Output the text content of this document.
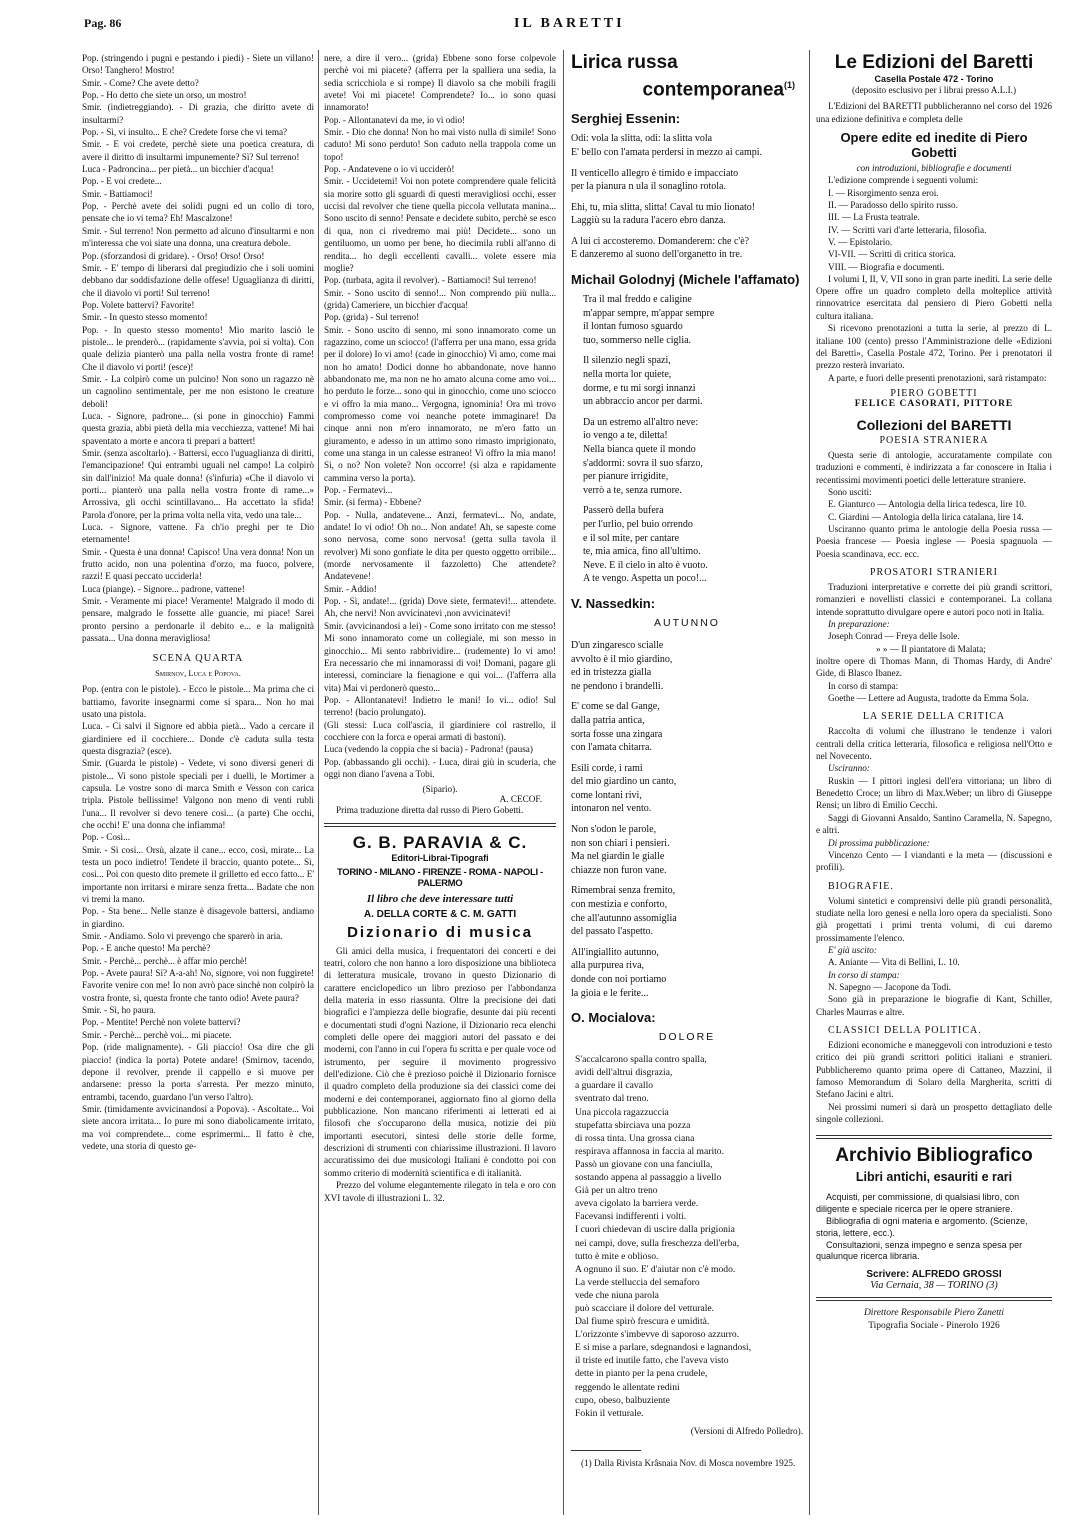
Pag. 86	IL BARETTI

Pop. (stringendo i pugni e pestando i piedi) - Siete un villano! Orso! Tanghero! Mostro!

Smir. - Come? Che avete detto?

Pop. - Ho detto che siete un orso, un mostro!

Smir. (indietreggiando). - Di grazia, che diritto avete di insultarmi?

Pop. - Sì, vi insulto... E che? Credete forse che vi tema?

Smir. - E voi credete, perchè siete una poetica creatura, di avere il diritto di insultarmi impunemente? Sì? Sul terreno!

Luca - Padroncina... per pietà... un bicchier d'acqua!

Pop. - E voi credete...

Smir. - Battiamoci!

Pop. - Perchè avete dei solidi pugni ed un collo di toro, pensate che io vi tema? Eh! Mascalzone!

Smir. - Sul terreno! Non permetto ad alcuno d'insultarmi e non m'interessa che voi siate una donna, una creatura debole.

Pop. (sforzandosi di gridare). - Orso! Orso! Orso!

Smir. - E' tempo di liberarsi dal pregiudizio che i soli uomini debbano dar soddisfazione delle offese! Uguaglianza di diritti, che il diavolo vi porti! Sul terreno!

Pop. Volete battervi? Favorite!

Smir. - In questo stesso momento!

Pop. - In questo stesso momento! Mio marito lasciò le pistole... le prenderò... (rapidamente s'avvia, poi si volta). Con quale delizia pianterò una palla nella vostra fronte di rame! Che il diavolo vi porti! (esce)!

Smir. - La colpirò come un pulcino! Non sono un ragazzo nè un cagnolino sentimentale, per me non esistono le creature deboli!

Luca. - Signore, padrone... (si pone in ginocchio) Fammi questa grazia, abbi pietà della mia vecchiezza, vattene! Mi hai spaventato a morte e ancora ti prepari a battert!

Smir. (senza ascoltarlo). - Battersi, ecco l'uguaglianza di diritti, l'emancipazione! Qui entrambi uguali nel campo! La colpirò sin dall'inizio! Ma quale donna! (s'infuria) «Che il diavolo vi porti... pianterò una palla nella vostra fronte di rame...» Arrossiva, gli occhi scintillavano... Ha accettato la sfida! Parola d'onore, per la prima volta nella vita, vedo una tale...

Luca. - Signore, vattene. Fa ch'io preghi per te Dio eternamente!

Smir. - Questa è una donna! Capisco! Una vera donna! Non un frutto acido, non una polentina d'orzo, ma fuoco, polvere, razzi! E quasi peccato ucciderla!

Luca (piange). - Signore... padrone, vattene!

Smir. - Veramente mi piace! Veramente! Malgrado il modo di pensare, malgrado le fossette alle guancie, mi piace! Sarei pronto persino a perdonarle il debito e... e la malignità passata... Una donna meravigliosa!

SCENA QUARTA
Smirnov, Luca e Popova.

Pop. (entra con le pistole). - Ecco le pistole... Ma prima che ci battiamo, favorite insegnarmi come si spara... Non ho mai usato una pistola.

Luca. - Ci salvi il Signore ed abbia pietà... Vado a cercare il giardiniere ed il cocchiere... Donde c'è caduta sulla testa questa disgrazia? (esce).

Smir. (Guarda le pistole) - Vedete, vi sono diversi generi di pistole... Vi sono pistole speciali per i duelli, le Mortimer a capsula. Le vostre sono di marca Smith e Vesson con carica tripla. Pistole bellissime! Valgono non meno di venti rubli l'una... Il revolver si devo tenere così... (a parte) Che occhi, che occhi! E' una donna che infiamma!

Pop. - Così...

Smir. - Sì così... Orsù, alzate il cane... ecco, così, mirate... La testa un poco indietro! Tendete il braccio, quanto potete... Sì, così... Poi con questo dito premete il grilletto ed ecco fatto... E' importante non irritarsi e mirare senza fretta... Badate che non vi tremi la mano.

Pop. - Sta bene... Nelle stanze è disagevole battersi, andiamo in giardino.

Smir. - Andiamo. Solo vi prevengo che sparerò in aria.

Pop. - E anche questo! Ma perchè?

Smir. - Perchè... perchè... è affar mio perchè!

Pop. - Avete paura! Sì? A-a-ah! No, signore, voi non fuggirete! Favorite venire con me! Io non avrò pace sinchè non colpirò la vostra fronte, sì, questa fronte che tanto odio! Avete paura?

Smir. - Sì, ho paura.

Pop. - Mentite! Perchè non volete battervi?

Smir. - Perchè... perchè voi... mi piacete.

Pop. (ride malignamente). - Gli piaccio! Osa dire che gli piaccio! (indica la porta) Potete andare! (Smirnov, tacendo, depone il revolver, prende il cappello e si muove per andarsene: presso la porta s'arresta. Per mezzo minuto, entrambi, tacendo, guardano l'un verso l'altro).

Smir. (timidamente avvicinandosi a Popova). - Ascoltate... Voi siete ancora irritata... Io pure mi sono diabolicamente irritato, ma voi comprendete... come esprimermi... Il fatto è che, vedete, una storia di questo ge-

nere, a dire il vero... (grida) Ebbene sono forse colpevole perchè voi mi piacete? (afferra per la spalliera una sedia, la sedia scricchiola e si rompe) Il diavolo sa che mobili fragili avete! Voi mi piacete! Comprendete? Io... io sono quasi innamorato!

Pop. - Allontanatevi da me, io vi odio!

Smir. - Dio che donna! Non ho mai visto nulla di simile! Sono caduto! Mi sono perduto! Son caduto nella trappola come un topo!

Pop. - Andatevene o io vi ucciderò!

Smir. - Uccidetemi! Voi non potete comprendere quale felicità sia morire sotto gli sguardi di questi meravigliosi occhi, esser uccisi dal revolver che tiene quella piccola vellutata manina... Sono uscito di senno! Pensate e decidete subito, perchè se esco di qua, non ci rivedremo mai più! Decidete... sono un gentiluomo, un uomo per bene, ho diecimila rubli all'anno di rendita... ho degli eccellenti cavalli... volete essere mia moglie?

Pop. (turbata, agita il revolver). - Battiamoci! Sul terreno!

Smir. - Sono uscito di senno!... Non comprendo più nulla... (grida) Cameriere, un bicchier d'acqua!

Pop. (grida) - Sul terreno!

Smir. - Sono uscito di senno, mi sono innamorato come un ragazzino, come un sciocco! (l'afferra per una mano, essa grida per il dolore) Io vi amo! (cade in ginocchio) Vi amo, come mai non ho amato! Dodici donne ho abbandonate, nove hanno abbandonato me, ma non ne ho amato alcuna come amo voi... ho perduto le forze... sono qui in ginocchio, come uno sciocco e vi offro la mia mano... Vergogna, ignominia! Ora mi trovo compromesso come voi neanche potete immaginare! Da cinque anni non m'ero innamorato, ne m'ero fatto un giuramento, e adesso in un attimo sono rimasto imprigionato, come una stanga in un calesse estraneo! Vi offro la mia mano! Sì, o no? Non volete? Non occorre! (si alza e rapidamente cammina verso la porta).

Pop. - Fermatevi...

Smir. (si ferma) - Ebbene?

Pop. - Nulla, andatevene... Anzi, fermatevi... No, andate, andate! Io vi odio! Oh no... Non andate! Ah, se sapeste come sono nervosa, come sono nervosa! (getta sulla tavola il revolver) Mi sono gonfiate le dita per questo oggetto orribile... (morde nervosamente il fazzoletto) Che attendete? Andatevene!

Smir. - Addio!

Pop. - Sì, andate!... (grida) Dove siete, fermatevi!... attendete. Ah, che nervi! Non avvicinatevi ,non avvicinatevi!

Smir. (avvicinandosi a lei) - Come sono irritato con me stesso! Mi sono innamorato come un collegiale, mi son messo in ginocchio... Mi sento rabbrividire... (rudemente) Io vi amo! Era necessario che mi innamorassi di voi! Domani, pagare gli interessi, cominciare la fienagione e qui voi... (l'afferra alla vita) Mai vi perdonerò questo...

Pop. - Allontanatevi! Indietro le mani! Io vi... odio! Sul terreno! (bacio prolungato).

(Gli stessi: Luca coll'ascia, il giardiniere col rastrello, il cocchiere con la forca e operai armati di bastoni).

Luca (vedendo la coppia che si bacia) - Padrona! (pausa)

Pop. (abbassando gli occhi). - Luca, dirai giù in scuderia, che oggi non diano l'avena a Tobi.

(Sipario).
A. CECOF.
Prima traduzione diretta dal russo di Piero Gobetti.
G. B. PARAVIA & C.
Editori-Librai-Tipografi
TORINO - MILANO - FIRENZE - ROMA - NAPOLI - PALERMO
Il libro che deve interessare tutti
A. DELLA CORTE & C. M. GATTI
Dizionario di musica
Gli amici della musica, i frequentatori dei concerti e dei teatri, coloro che non hanno a loro disposizione una biblioteca di letteratura musicale, trovano in questo Dizionario di carattere enciclopedico un libro prezioso per l'abbondanza della materia in esso riassunta. Oltre la precisione dei dati biografici e l'ampiezza delle biografie, desunte dai più recenti e documentati studi d'ogni Nazione, il Dizionario reca elenchi completi delle opere dei maggiori autori del passato e dei moderni, con l'anno in cui l'opera fu scritta e per quale voce od istrumento, per seguire il movimento progressivo dell'edizione. Ciò che è prezioso poichè il Dizionario fornisce il quadro completo della produzione sia dei classici come dei moderni e dei contemporanei, aggiornato fino al giorno della pubblicazione. Non mancano riferimenti ai letterati ed ai filosofi che s'occuparono della musica, notizie dei più importanti esecutori, sintesi delle storie delle forme, descrizioni di strumenti con chiarissime illustrazioni. Il lavoro accuratissimo dei due musicologi Italiani è condotto poi con sommo criterio di modernità scientifica e di italianità.
Prezzo del volume elegantemente rilegato in tela e oro con XVI tavole di illustrazioni L. 32.
Lirica russa
contemporanea$^{(1)}$
Serghiej Essenin:
Odi: vola la slitta, odi: la slitta vola
E' bello con l'amata perdersi in mezzo ai campi.
Il venticello allegro è timido e impacciato
per la pianura n ula il sonaglino rotola.
Ehi, tu, mia slitta, slitta! Caval tu mio lionato!
Laggiù su la radura l'acero ebro danza.
A lui ci accosteremo. Domanderem: che c'è?
E danzeremo al suono dell'organetto in tre.
Michail Golodnyj (Michele l'affamato)
Tra il mal freddo e caligine
m'appar sempre, m'appar sempre
il lontan fumoso sguardo
tuo, sommerso nelle ciglia.
Il silenzio negli spazi,
nella morta lor quiete,
dorme, e tu mi sorgi innanzi
un abbraccio ancor per darmi.
Da un estremo all'altro neve:
io vengo a te, diletta!
Nella bianca quete il mondo
s'addormì: sovra il suo sfarzo,
per pianure irrigidite,
verrò a te, senza rumore.
Passerò della bufera
per l'urlio, pel buio orrendo
e il sol mite, per cantare
te, mia amica, fino all'ultimo.
Neve. E il cielo in alto è vuoto.
A te vengo. Aspetta un poco!...
V. Nassedkin:
AUTUNNO
D'un zingaresco scialle
avvolto è il mio giardino,
ed in tristezza gialla
ne pendono i brandelli.
E' come se dal Gange,
dalla patria antica,
sorta fosse una zingara
con l'amata chitarra.
Esili corde, i rami
del mio giardino un canto,
come lontani rivi,
intonaron nel vento.
Non s'odon le parole,
non son chiari i pensieri.
Ma nel giardin le gialle
chiazze non furon vane.
Rimembrai senza fremito,
con mestizia e conforto,
che all'autunno assomiglia
del passato l'aspetto.
All'ingiallito autunno,
alla purpurea riva,
donde con noi portiamo
la gioia e le ferite...
O. Mocialova:
DOLORE
S'accalcarono spalla contro spalla,
avidi dell'altrui disgrazia,
a guardare il cavallo
sventrato dal treno.
Una piccola ragazzuccia
stupefatta sbirciava una pozza
di rossa tinta. Una grossa ciana
respirava affannosa in faccia al marito.
Passò un giovane con una fanciulla,
sostando appena al passaggio a livello
Già per un altro treno
aveva cigolato la barriera verde.
Facevansi indifferenti i volti.
I cuori chiedevan di uscire dalla prigionia
nei campi, dove, sulla freschezza dell'erba,
tutto è mite e oblioso.
A ognuno il suo. E' d'aiutar non c'è modo.
La verde stelluccia del semaforo
vede che niuna parola
può scacciare il dolore del vetturale.
Dal fiume spirò frescura e umidità.
L'orizzonte s'imbevve di saporoso azzurro.
E si mise a parlare, sdegnandosi e lagnandosi,
il triste ed inutile fatto, che l'aveva visto
dette in pianto per la pena crudele,
reggendo le allentate redini
cupo, obeso, balbuziente
Fokin il vetturale.
(Versioni di Alfredo Polledro).
(1) Dalla Rivista Krâsnaia Nov. di Mosca novembre 1925.
Le Edizioni del Baretti
Casella Postale 472 - Torino
(deposito esclusivo per i librai presso A.L.I.)
L'Edizioni del BARETTI pubblicheranno nel corso del 1926 una edizione definitiva e completa delle
Opere edite ed inedite di Piero Gobetti
con introduzioni, bibliografie e documenti
L'edizione comprende i seguenti volumi:
I. — Risorgimento senza eroi.
II. — Paradosso dello spirito russo.
III. — La Frusta teatrale.
IV. — Scritti vari d'arte letteraria, filosofia.
V. — Epistolario.
VI-VII. — Scritti di critica storica.
VIII. — Biografia e documenti.
I volumi I, II, V, VII sono in gran parte inediti. La serie delle Opere offre un quadro completo della molteplice attività rinnovatrice esercitata dal pensiero di Piero Gobetti nella cultura italiana.
Si ricevono prenotazioni a tutta la serie, al prezzo di L. italiane 100 (cento) presso l'Amministrazione delle «Edizioni del Baretti», Casella Postale 472, Torino. Per i prenotatori il prezzo resterà invariato.
A parte, e fuori delle presenti prenotazioni, sarà ristampato:
PIERO GOBETTI
FELICE CASORATI, PITTORE
Collezioni del BARETTI
POESIA STRANIERA
Questa serie di antologie, accuratamente compilate con traduzioni e commenti, è indirizzata a far conoscere in Italia i recentissimi movimenti poetici delle letterature straniere.
Sono usciti:
E. Gianturco — Antologia della lirica tedesca, lire 10.
C. Giardini — Antologia della lirica catalana, lire 14.
Usciranno quanto prima le antologie della Poesia russa — Poesia francese — Poesia inglese — Poesia spagnuola — Poesia scandinava, ecc. ecc.
PROSATORI STRANIERI
Traduzioni interpretative e corrette dei più grandi scrittori, romanzieri e novellisti classici e contemporanei. La collana intende soprattutto divulgare opere e autori poco noti in Italia.
In preparazione:
Joseph Conrad — Freya delle Isole.
» » — Il piantatore di Malata;
inoltre opere di Thomas Mann, di Thomas Hardy, di Andre' Gide, di Blasco Ibanez.
In corso di stampa:
Goethe — Lettere ad Augusta, tradotte da Emma Sola.
LA SERIE DELLA CRITICA
Raccolta di volumi che illustrano le tendenze i valori centrali della critica letteraria, filosofica e religiosa nell'Otto e nel Novecento.
Usciranno:
Ruskin — I pittori inglesi dell'era vittoriana; un libro di Benedetto Croce; un libro di Max.Weber; un libro di Giuseppe Rensi; un libro di Emilio Cecchi.
Saggi di Giovanni Ansaldo, Santino Caramella, N. Sapegno, e altri.
Di prossima pubblicazione:
Vincenzo Cento — I viandanti e la meta — (discussioni e profili).
BIOGRAFIE.
Volumi sintetici e comprensivi delle più grandi personalità, studiate nella loro genesi e nella loro opera da specialisti. Sono già progettati i primi trenta volumi, di cui daremo prossimamente l'elenco.
E' già uscito:
A. Aniante — Vita di Bellini, L. 10.
In corso di stampa:
N. Sapegno — Jacopone da Todi.
Sono già in preparazione le biografie di Kant, Schiller, Charles Maurras e altre.
CLASSICI DELLA POLITICA.
Edizioni economiche e maneggevoli con introduzioni e testo critico dei più grandi scrittori politici italiani e stranieri. Pubblicheremo quanto prima opere di Cattaneo, Mazzini, il famoso Memorandum di Solaro della Margherita, scritti di Stefano Jacini e altri.
Nei prossimi numeri si darà un prospetto dettagliato delle singole collezioni.
Archivio Bibliografico
Libri antichi, esauriti e rari
Acquisti, per commissione, di qualsiasi libro, con diligente e speciale ricerca per le opere straniere.
Bibliografia di ogni materia e argomento. (Scienze, storia, lettere, ecc.).
Consultazioni, senza impegno e senza spesa per qualunque ricerca libraria.
Scrivere: ALFREDO GROSSI
Via Cernaia, 38 — TORINO (3)
Direttore Responsabile Piero Zanetti
Tipografia Sociale - Pinerolo 1926
